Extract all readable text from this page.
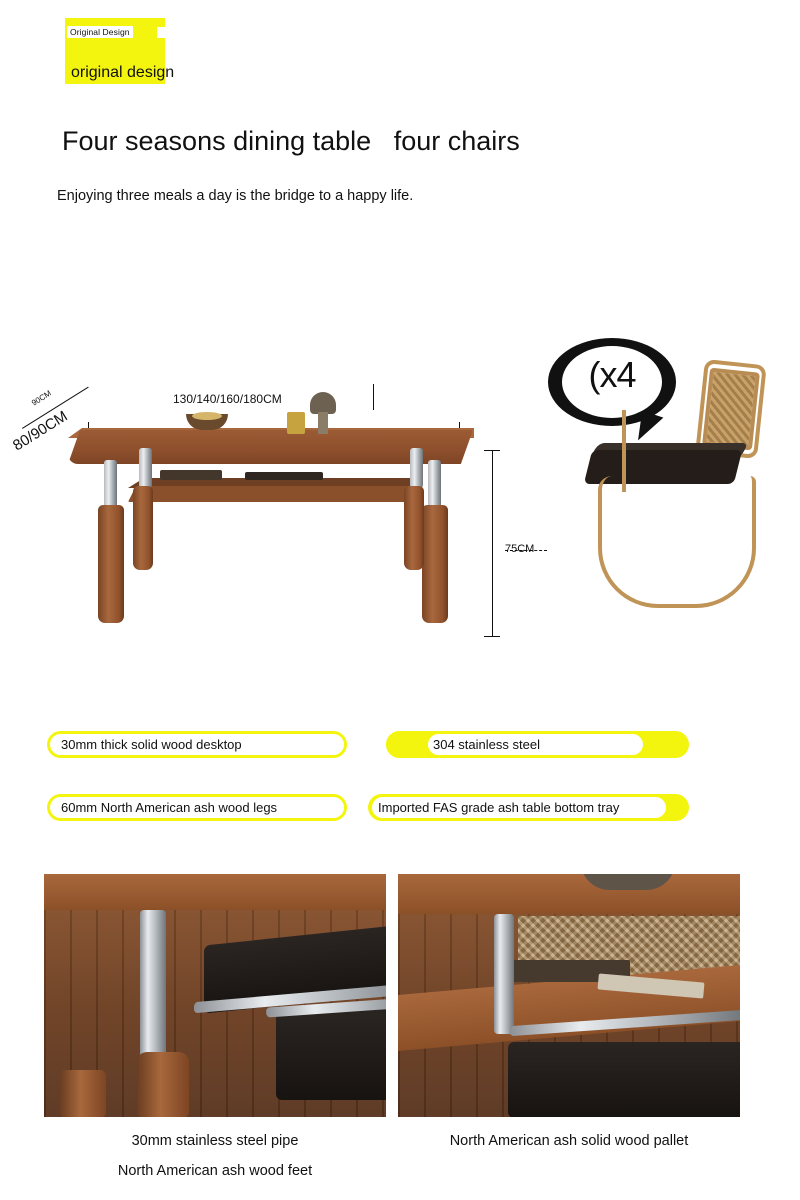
Original Design
original design
Four seasons dining table   four chairs
Enjoying three meals a day is the bridge to a happy life.
130/140/160/180CM
80/90CM
90CM
75CM
(x4
30mm thick solid wood desktop	304 stainless steel
60mm North American ash wood legs	Imported FAS grade ash table bottom tray
30mm stainless steel pipe
North American ash wood feet
North American ash solid wood pallet
